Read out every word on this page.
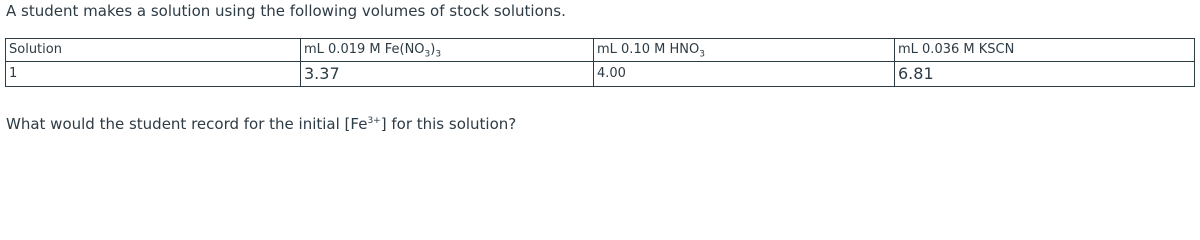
A student makes a solution using the following volumes of stock solutions.
Solution	mL 0.019 M $Fe(NO_3)_3$	mL 0.10 M $HNO_3$	mL 0.036 M KSCN
1	3.37	4.00	6.81
What would the student record for the initial $[Fe^{3+}]$ for this solution?
